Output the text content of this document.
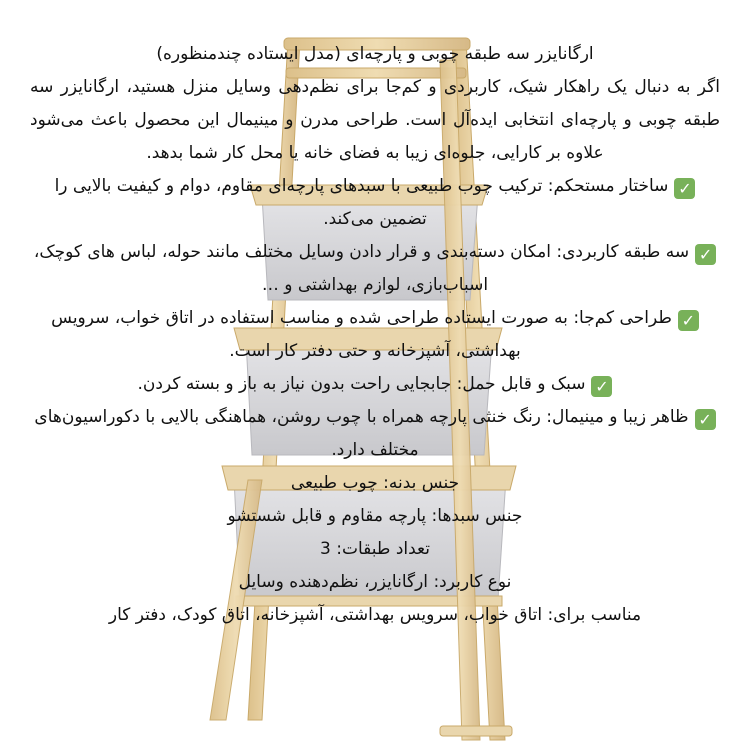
ارگانایزر سه طبقه چوبی و پارچه‌ای (مدل ایستاده چندمنظوره)

اگر به دنبال یک راهکار شیک، کاربردی و کم‌جا برای نظم‌دهی وسایل منزل هستید، ارگانایزر سه طبقه چوبی و پارچه‌ای انتخابی ایده‌آل است. طراحی مدرن و مینیمال این محصول باعث می‌شود علاوه بر کارایی، جلوه‌ای زیبا به فضای خانه یا محل کار شما بدهد.

✓ساختار مستحکم: ترکیب چوب طبیعی با سبدهای پارچه‌ای مقاوم، دوام و کیفیت بالایی را تضمین می‌کند.

✓سه طبقه کاربردی: امکان دسته‌بندی و قرار دادن وسایل مختلف مانند حوله، لباس های کوچک، اسباب‌بازی، لوازم بهداشتی و …

✓طراحی کم‌جا: به صورت ایستاده طراحی شده و مناسب استفاده در اتاق خواب، سرویس بهداشتی، آشپزخانه و حتی دفتر کار است.

✓سبک و قابل حمل: جابجایی راحت بدون نیاز به باز و بسته کردن.

✓ظاهر زیبا و مینیمال: رنگ خنثی پارچه همراه با چوب روشن، هماهنگی بالایی با دکوراسیون‌های مختلف دارد.

جنس بدنه: چوب طبیعی

جنس سبدها: پارچه مقاوم و قابل شستشو

تعداد طبقات: 3

نوع کاربرد: ارگانایزر، نظم‌دهنده وسایل

مناسب برای: اتاق خواب، سرویس بهداشتی، آشپزخانه، اتاق کودک، دفتر کار
